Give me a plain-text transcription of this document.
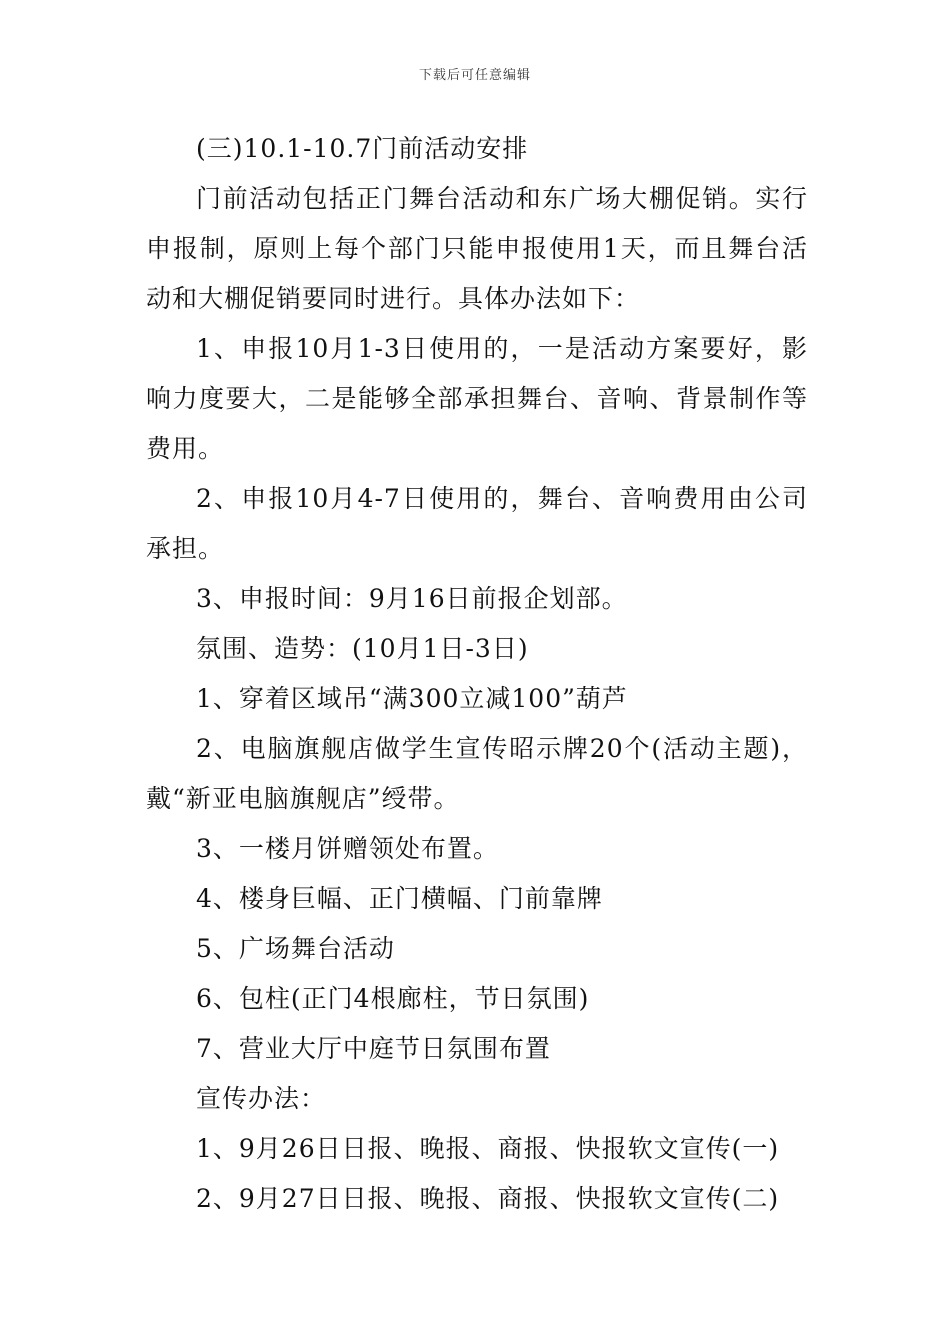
下载后可任意编辑

(三)10.1-10.7门前活动安排

门前活动包括正门舞台活动和东广场大棚促销。实行申报制，原则上每个部门只能申报使用1天，而且舞台活动和大棚促销要同时进行。具体办法如下：

1、申报10月1-3日使用的，一是活动方案要好，影响力度要大，二是能够全部承担舞台、音响、背景制作等费用。

2、申报10月4-7日使用的，舞台、音响费用由公司承担。

3、申报时间：9月16日前报企划部。

氛围、造势：(10月1日-3日)

1、穿着区域吊“满300立减100”葫芦

2、电脑旗舰店做学生宣传昭示牌20个(活动主题)，戴“新亚电脑旗舰店”绶带。

3、一楼月饼赠领处布置。

4、楼身巨幅、正门横幅、门前靠牌

5、广场舞台活动

6、包柱(正门4根廊柱，节日氛围)

7、营业大厅中庭节日氛围布置

宣传办法：

1、9月26日日报、晚报、商报、快报软文宣传(一)

2、9月27日日报、晚报、商报、快报软文宣传(二)
